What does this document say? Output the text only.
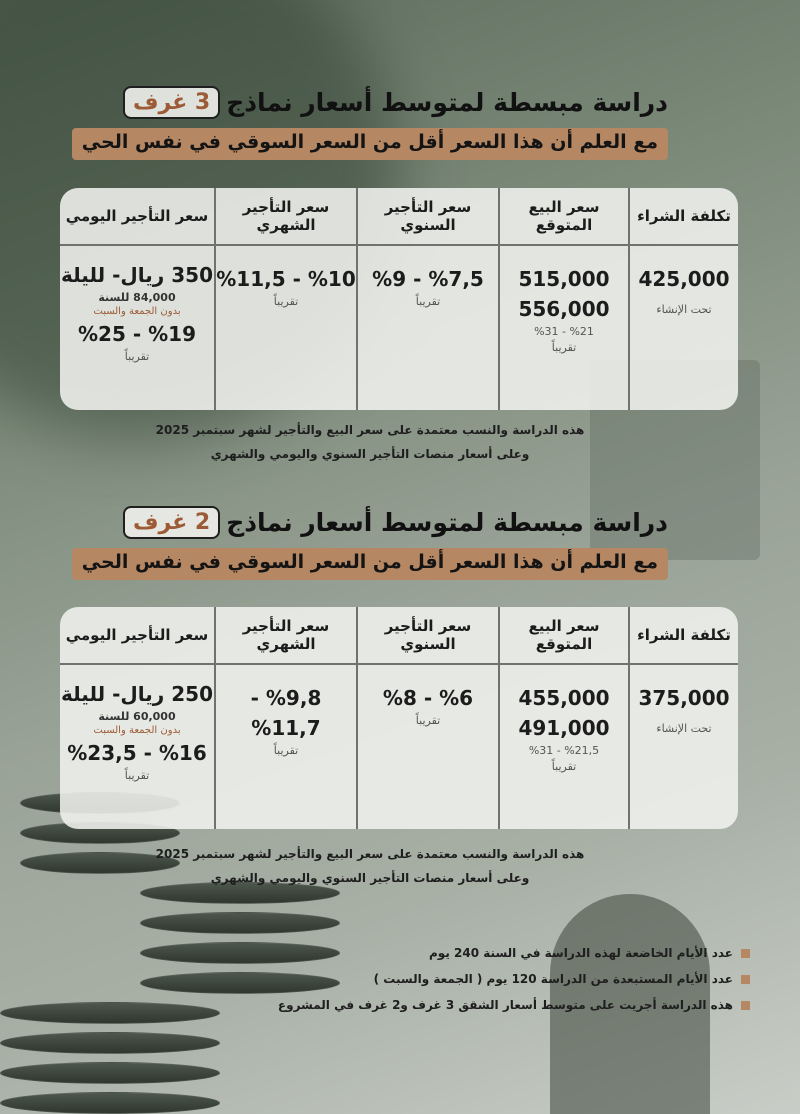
دراسة مبسطة لمتوسط أسعار نماذج
3 غرف
مع العلم أن هذا السعر أقل من السعر السوقي في نفس الحي
تكلفة الشراء
سعر البيع المتوقع
سعر التأجير السنوي
سعر التأجير الشهري
سعر التأجير اليومي
425,000
تحت الإنشاء
515,000
556,000
%21 - %31
تقريباً
%7,5 - %9
تقريباً
%10 - %11,5
تقريباً
350 ريال- لليلة
84,000 للسنة
بدون الجمعة والسبت
%19 - %25
تقريباً
هذه الدراسة والنسب معتمدة على سعر البيع والتأجير لشهر سبتمبر 2025
وعلى أسعار منصات التأجير السنوي واليومي والشهري
دراسة مبسطة لمتوسط أسعار نماذج
2 غرف
مع العلم أن هذا السعر أقل من السعر السوقي في نفس الحي
تكلفة الشراء
سعر البيع المتوقع
سعر التأجير السنوي
سعر التأجير الشهري
سعر التأجير اليومي
375,000
تحت الإنشاء
455,000
491,000
%21,5 - %31
تقريباً
%6 - %8
تقريباً
%9,8 - %11,7
تقريباً
250 ريال- لليلة
60,000 للسنة
بدون الجمعة والسبت
%16 - %23,5
تقريباً
هذه الدراسة والنسب معتمدة على سعر البيع والتأجير لشهر سبتمبر 2025
وعلى أسعار منصات التأجير السنوي واليومي والشهري
عدد الأيام الخاضعة لهذه الدراسة في السنة 240 يوم
عدد الأيام المستبعدة من الدراسة 120 يوم ( الجمعة والسبت )
هذه الدراسة أجريت على متوسط أسعار الشقق 3 غرف و2 غرف في المشروع
